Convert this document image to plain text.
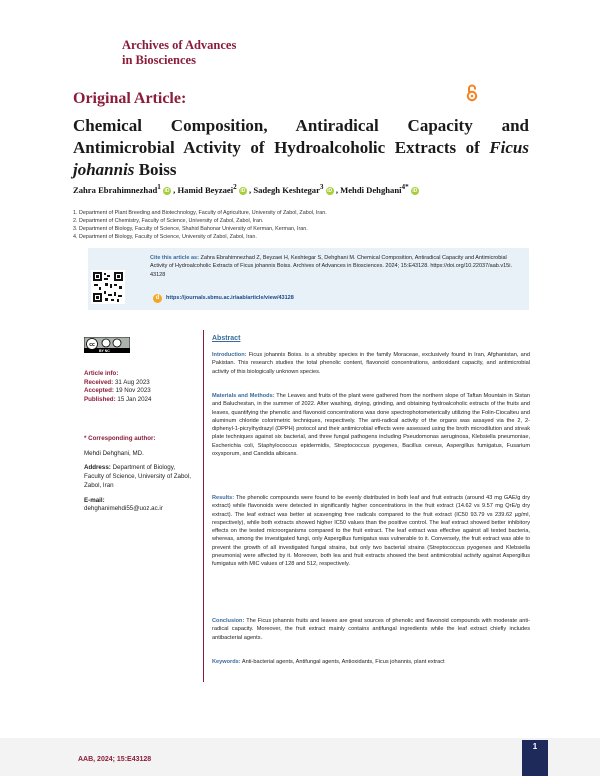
Archives of Advances
in Biosciences
Original Article:
Chemical Composition, Antiradical Capacity and Antimicrobial Activity of Hydroalcoholic Extracts of Ficus johannis Boiss
Zahra Ebrahimnezhad$^1$ iD , Hamid Beyzaei$^2$ iD , Sadegh Keshtegar$^3$ iD , Mehdi Dehghani$^{4*}$ iD
1. Department of Plant Breeding and Biotechnology, Faculty of Agriculture, University of Zabol, Zabol, Iran.
2. Department of Chemistry, Faculty of Science, University of Zabol, Zabol, Iran.
3. Department of Biology, Faculty of Science, Shahid Bahonar University of Kerman, Kerman, Iran.
4. Department of Biology, Faculty of Science, University of Zabol, Zabol, Iran.
Cite this article as: Zahra Ebrahimnezhad Z, Beyzaei H, Keshtegar S, Dehghani M. Chemical Composition, Antiradical Capacity and Antimicrobial Activity of Hydroalcoholic Extracts of Ficus johannis Boiss. Archives of Advances in Biosciences. 2024; 15:E43128. https://doi.org/10.22037/aab.v15i. 43128
d	https://journals.sbmu.ac.ir/aab/article/view/43128
cc
BY NC
Article info:
Received: 31 Aug 2023
Accepted: 19 Nov 2023
Published: 15 Jan 2024
* Corresponding author:
Mehdi Dehghani, MD.
Address: Department of Biology, Faculty of Science, University of Zabol, Zabol, Iran
E-mail:
dehghanimehdi55@uoz.ac.ir
Abstract
Introduction: Ficus johannis Boiss. is a shrubby species in the family Moraceae, exclusively found in Iran, Afghanistan, and Pakistan. This research studies the total phenolic content, flavonoid concentrations, antioxidant capacity, and antimicrobial activity of this biologically unknown species.
Materials and Methods: The Leaves and fruits of the plant were gathered from the northern slope of Taftan Mountain in Sistan and Baluchestan, in the summer of 2022. After washing, drying, grinding, and obtaining hydroalcoholic extracts of the fruits and leaves, quantifying the phenolic and flavonoid concentrations was done spectrophotometerically utilizing the Folin-Ciocalteu and aluminum chloride colorimetric techniques, respectively. The anti-radical activity of the organs was assayed via the 2, 2-diphenyl-1-picrylhydrazyl (DPPH) protocol and their antimicrobial effects were assessed using the broth microdilution and streak plate techniques against six bacterial, and three fungal pathogens including Pseudomonas aeruginosa, Klebsiella pneumoniae, Escherichia coli, Staphylococcus epidermidis, Streptococcus pyogenes, Bacillus cereus, Aspergillus fumigatus, Fusarium oxysporum, and Candida albicans.
Results: The phenolic compounds were found to be evenly distributed in both leaf and fruit extracts (around 43 mg GAE/g dry extract) while flavonoids were detected in significantly higher concentrations in the fruit extract (14.62 vs 9.57 mg QrE/g dry extract). The leaf extract was better at scavenging free radicals compared to the fruit extract (IC50 93.79 vs 239.62 µg/ml, respectively), while both extracts showed higher IC50 values than the positive control. The leaf extract showed better inhibitory effects on the tested microorganisms compared to the fruit extract. The leaf extract was effective against all tested bacteria, whereas, among the investigated fungi, only Aspergillus fumigatus was vulnerable to it. Conversely, the fruit extract was able to prevent the growth of all investigated fungal strains, but only two bacterial strains (Streptococcus pyogenes and Klebsiella pneumonia) were affected by it. Moreover, both lea and fruit extracts showed the best antimicrobial activity against Aspergillus fumigatus with MIC values of 128 and 512, respectively.
Conclusion: The Ficus johannis fruits and leaves are great sources of phenolic and flavonoid compounds with moderate anti-radical capacity. Moreover, the fruit extract mainly contains antifungal ingredients while the leaf extract chiefly includes antibacterial agents.
Keywords: Anti-bacterial agents, Antifungal agents, Antioxidants, Ficus johannis, plant extract
AAB, 2024; 15:E43128
1
